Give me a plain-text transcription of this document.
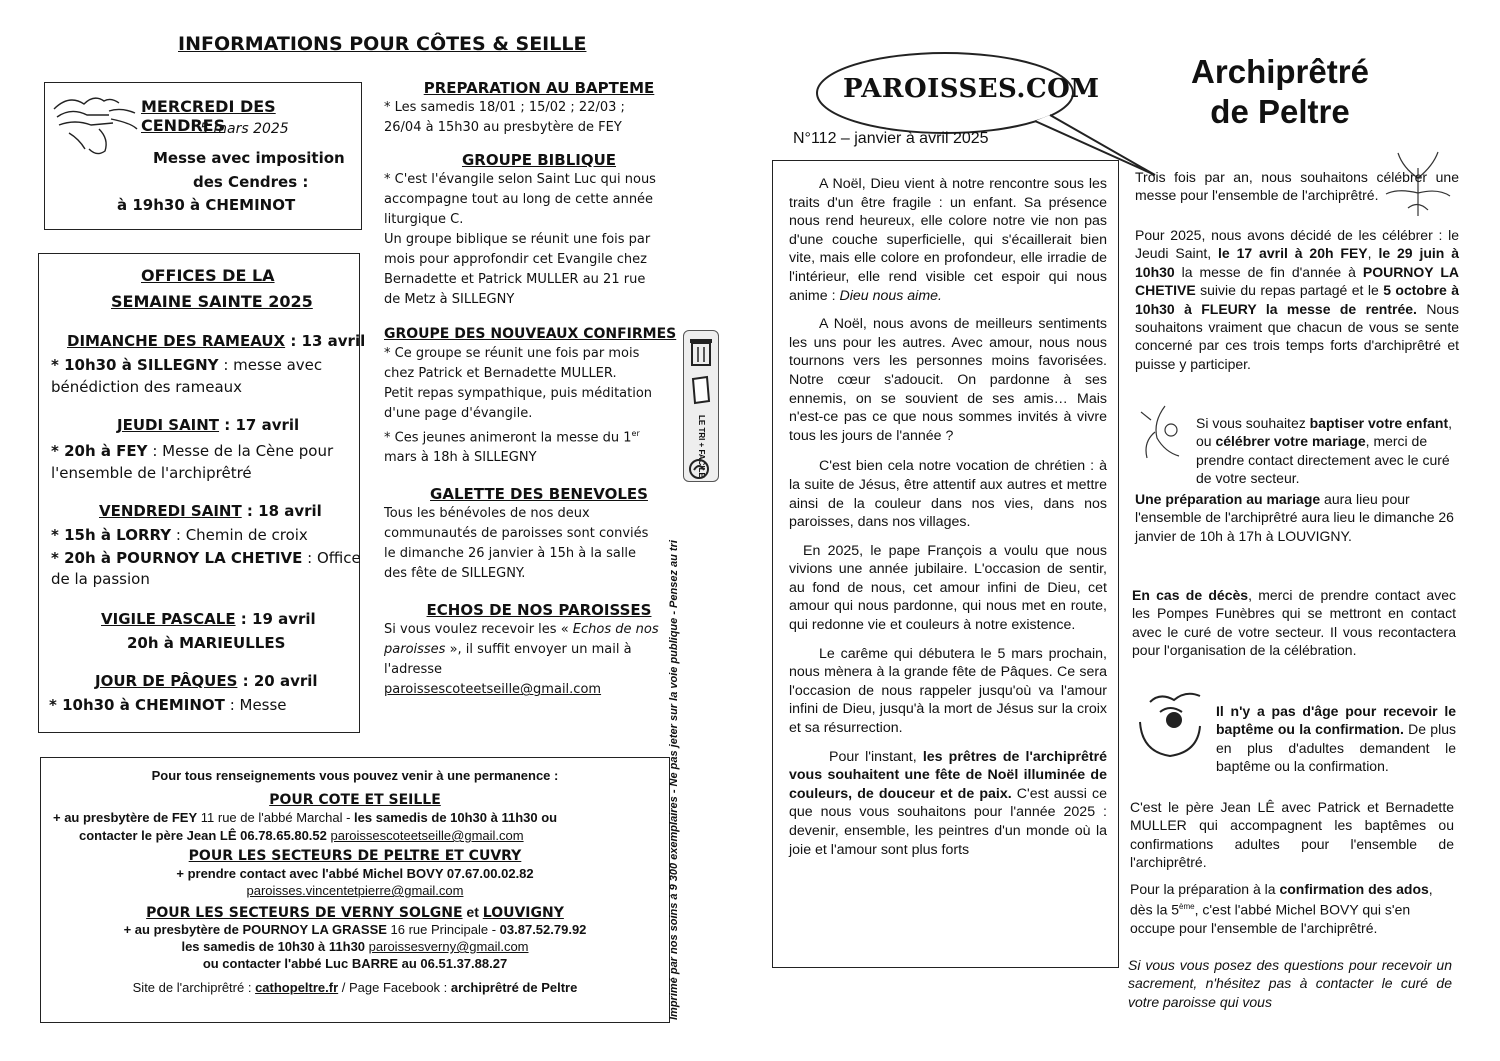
INFORMATIONS POUR CÔTES & SEILLE
MERCREDI DES CENDRES
5 mars 2025
Messe avec imposition
des Cendres :
à 19h30 à CHEMINOT
OFFICES DE LA
SEMAINE SAINTE 2025
DIMANCHE DES RAMEAUX : 13 avril
* 10h30 à SILLEGNY : messe avec
bénédiction des rameaux
JEUDI SAINT : 17 avril
* 20h à FEY : Messe de la Cène pour
l'ensemble de l'archiprêtré
VENDREDI SAINT : 18 avril
* 15h à LORRY : Chemin de croix
* 20h à POURNOY LA CHETIVE : Office
de la passion
VIGILE PASCALE : 19 avril
20h à MARIEULLES
JOUR DE PÂQUES : 20 avril
* 10h30 à CHEMINOT : Messe
PREPARATION AU BAPTEME
* Les samedis 18/01 ; 15/02 ; 22/03 ;
26/04 à 15h30 au presbytère de FEY
GROUPE BIBLIQUE
* C'est l'évangile selon Saint Luc qui nous
accompagne tout au long de cette année
liturgique C.
Un groupe biblique se réunit une fois par
mois pour approfondir cet Evangile chez
Bernadette et Patrick MULLER au 21 rue
de Metz à SILLEGNY
GROUPE DES NOUVEAUX CONFIRMES
* Ce groupe se réunit une fois par mois
chez Patrick et Bernadette MULLER.
Petit repas sympathique, puis méditation
d'une page d'évangile.
* Ces jeunes animeront la messe du 1er
mars à 18h à SILLEGNY
GALETTE DES BENEVOLES
Tous les bénévoles de nos deux
communautés de paroisses sont conviés
le dimanche 26 janvier à 15h à la salle
des fête de SILLEGNY.
ECHOS DE NOS PAROISSES
Si vous voulez recevoir les « Echos de nos
paroisses », il suffit envoyer un mail à
l'adresse
paroissescoteetseille@gmail.com
Pour tous renseignements vous pouvez venir à une permanence :
POUR COTE ET SEILLE
+ au presbytère de FEY 11 rue de l'abbé Marchal - les samedis de 10h30 à 11h30 ou
contacter le père Jean LÊ 06.78.65.80.52 paroissescoteetseille@gmail.com
POUR LES SECTEURS DE PELTRE ET CUVRY
+ prendre contact avec l'abbé Michel BOVY 07.67.00.02.82
paroisses.vincentetpierre@gmail.com
POUR LES SECTEURS DE VERNY SOLGNE et LOUVIGNY
+ au presbytère de POURNOY LA GRASSE 16 rue Principale - 03.87.52.79.92
les samedis de 10h30 à 11h30 paroissesverny@gmail.com
ou contacter l'abbé Luc BARRE au 06.51.37.88.27
Site de l'archiprêtré : cathopeltre.fr / Page Facebook : archiprêtré de Peltre	Imprimé par nos soins à 9 300 exemplaires - Ne pas jeter sur la voie publique - Pensez au tri
LE TRI + FACILE
PAROISSES.COM	Archiprêtré
de Peltre
N°112 – janvier à avril 2025

A Noël, Dieu vient à notre rencontre sous les traits d'un être fragile : un enfant. Sa présence nous rend heureux, elle colore notre vie non pas d'une couche superficielle, qui s'écaillerait bien vite, mais elle colore en profondeur, elle irradie de l'intérieur, elle rend visible cet espoir qui nous anime : Dieu nous aime.

A Noël, nous avons de meilleurs sentiments les uns pour les autres. Avec amour, nous nous tournons vers les personnes moins favorisées. Notre cœur s'adoucit. On pardonne à ses ennemis, on se souvient de ses amis… Mais n'est-ce pas ce que nous sommes invités à vivre tous les jours de l'année ?

C'est bien cela notre vocation de chrétien : à la suite de Jésus, être attentif aux autres et mettre ainsi de la couleur dans nos vies, dans nos paroisses, dans nos villages.

En 2025, le pape François a voulu que nous vivions une année jubilaire. L'occasion de sentir, au fond de nous, cet amour infini de Dieu, cet amour qui nous pardonne, qui nous met en route, qui redonne vie et couleurs à notre existence.

Le carême qui débutera le 5 mars prochain, nous mènera à la grande fête de Pâques. Ce sera l'occasion de nous rappeler jusqu'où va l'amour infini de Dieu, jusqu'à la mort de Jésus sur la croix et sa résurrection.

Pour l'instant, les prêtres de l'archiprêtré vous souhaitent une fête de Noël illuminée de couleurs, de douceur et de paix. C'est aussi ce que nous vous souhaitons pour l'année 2025 : devenir, ensemble, les peintres d'un monde où la joie et l'amour sont plus forts

Trois fois par an, nous souhaitons célébrer une messe pour l'ensemble de l'archiprêtré.
Pour 2025, nous avons décidé de les célébrer : le Jeudi Saint, le 17 avril à 20h FEY, le 29 juin à 10h30 la messe de fin d'année à POURNOY LA CHETIVE suivie du repas partagé et le 5 octobre à 10h30 à FLEURY la messe de rentrée. Nous souhaitons vraiment que chacun de vous se sente concerné par ces trois temps forts d'archiprêtré et puisse y participer.
Si vous souhaitez baptiser votre enfant, ou célébrer votre mariage, merci de prendre contact directement avec le curé de votre secteur.
Une préparation au mariage aura lieu pour l'ensemble de l'archiprêtré aura lieu le dimanche 26 janvier de 10h à 17h à LOUVIGNY.
En cas de décès, merci de prendre contact avec les Pompes Funèbres qui se mettront en contact avec le curé de votre secteur. Il vous recontactera pour l'organisation de la célébration.
Il n'y a pas d'âge pour recevoir le baptême ou la confirmation. De plus en plus d'adultes demandent le baptême ou la confirmation.
C'est le père Jean LÊ avec Patrick et Bernadette MULLER qui accompagnent les baptêmes ou confirmations adultes pour l'ensemble de l'archiprêtré.
Pour la préparation à la confirmation des ados, dès la 5ème, c'est l'abbé Michel BOVY qui s'en occupe pour l'ensemble de l'archiprêtré.
Si vous vous posez des questions pour recevoir un sacrement, n'hésitez pas à contacter le curé de votre paroisse qui vous
